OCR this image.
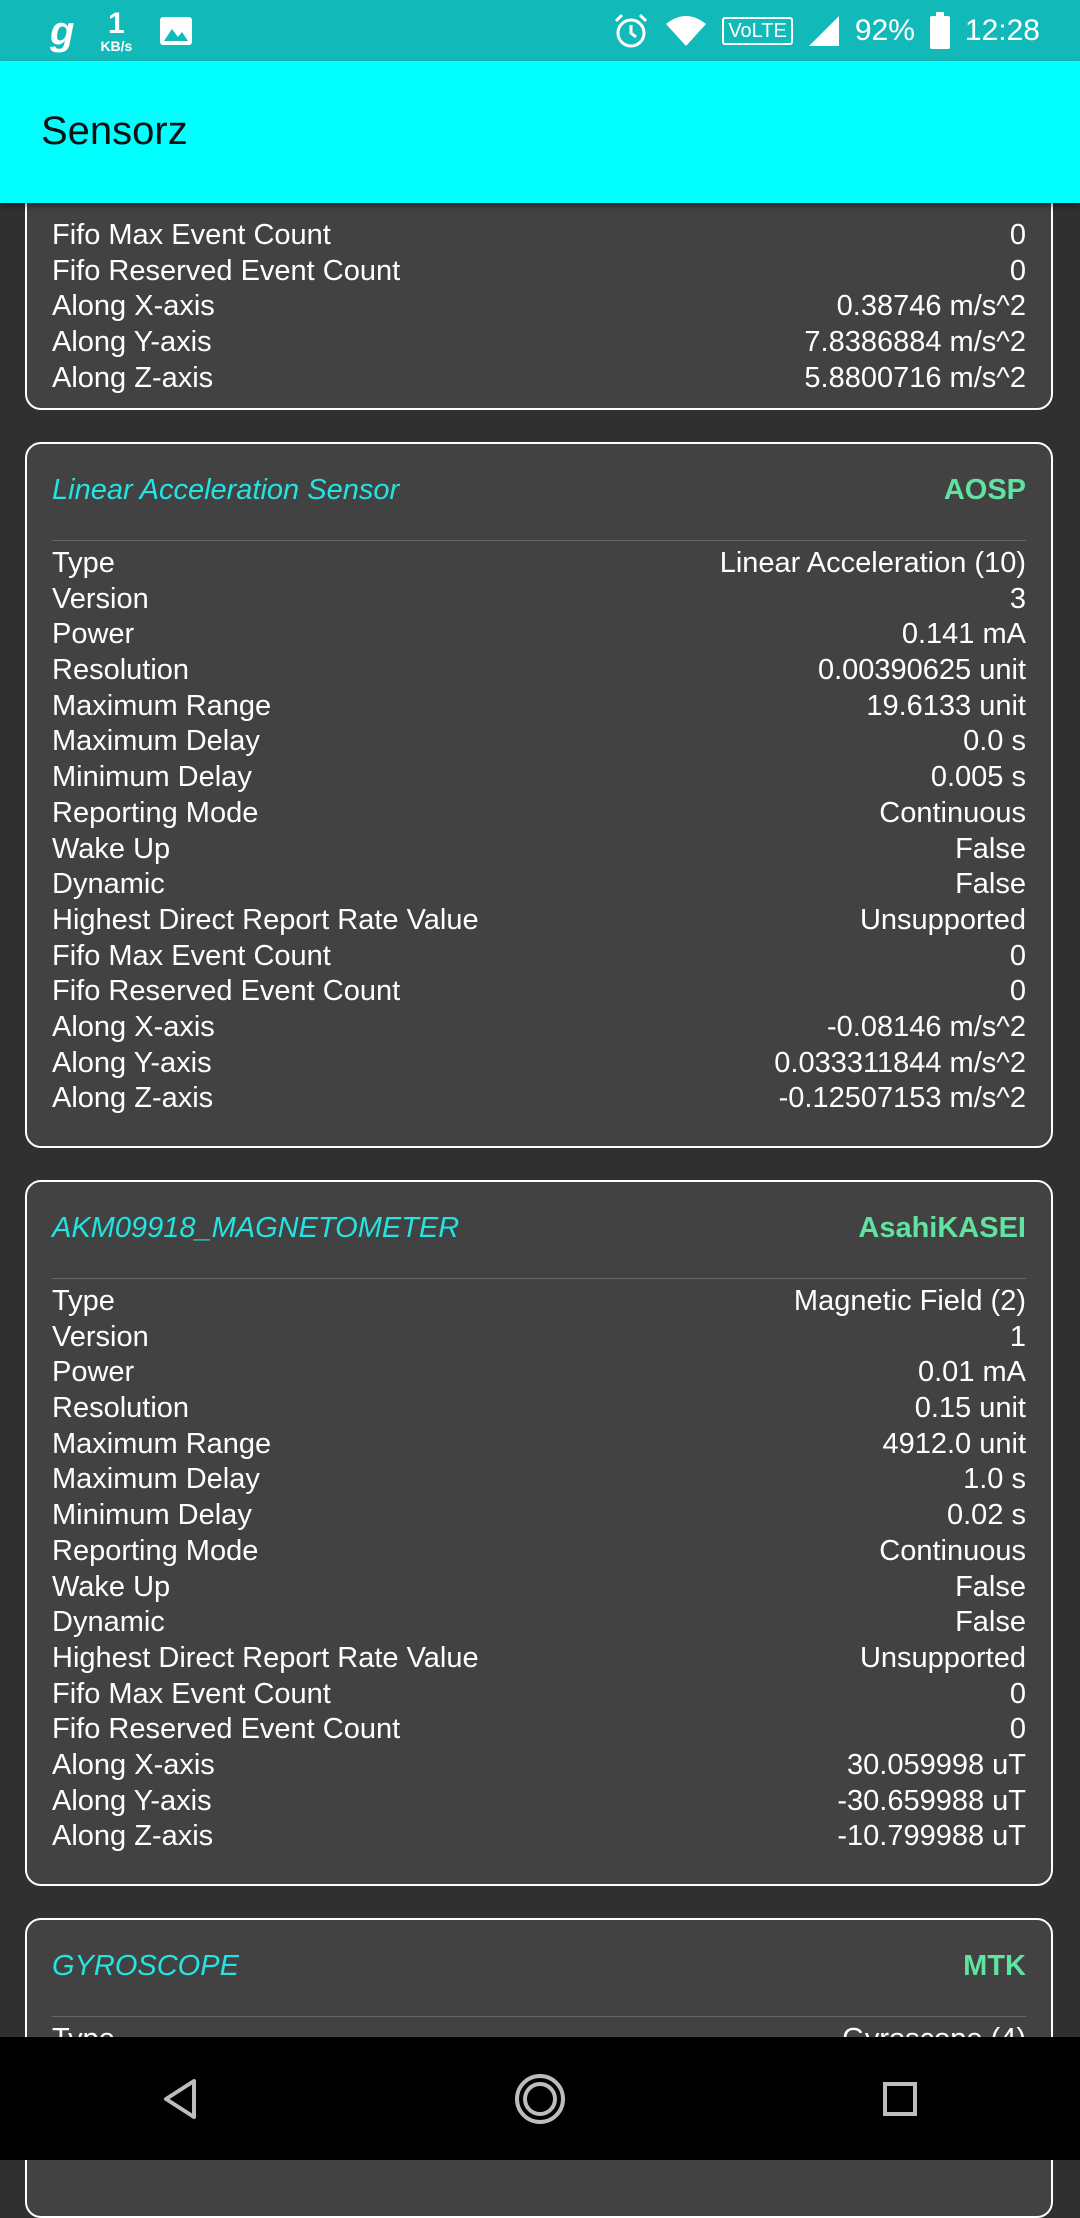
g 1
KB/s
VoLTE 92% 12:28
Sensorz
Fifo Max Event Count	0
Fifo Reserved Event Count	0
Along X-axis	0.38746 m/s^2
Along Y-axis	7.8386884 m/s^2
Along Z-axis	5.8800716 m/s^2
Linear Acceleration Sensor	AOSP
Type	Linear Acceleration (10)
Version	3
Power	0.141 mA
Resolution	0.00390625 unit
Maximum Range	19.6133 unit
Maximum Delay	0.0 s
Minimum Delay	0.005 s
Reporting Mode	Continuous
Wake Up	False
Dynamic	False
Highest Direct Report Rate Value	Unsupported
Fifo Max Event Count	0
Fifo Reserved Event Count	0
Along X-axis	-0.08146 m/s^2
Along Y-axis	0.033311844 m/s^2
Along Z-axis	-0.12507153 m/s^2
AKM09918_MAGNETOMETER	AsahiKASEI
Type	Magnetic Field (2)
Version	1
Power	0.01 mA
Resolution	0.15 unit
Maximum Range	4912.0 unit
Maximum Delay	1.0 s
Minimum Delay	0.02 s
Reporting Mode	Continuous
Wake Up	False
Dynamic	False
Highest Direct Report Rate Value	Unsupported
Fifo Max Event Count	0
Fifo Reserved Event Count	0
Along X-axis	30.059998 uT
Along Y-axis	-30.659988 uT
Along Z-axis	-10.799988 uT
GYROSCOPE	MTK
